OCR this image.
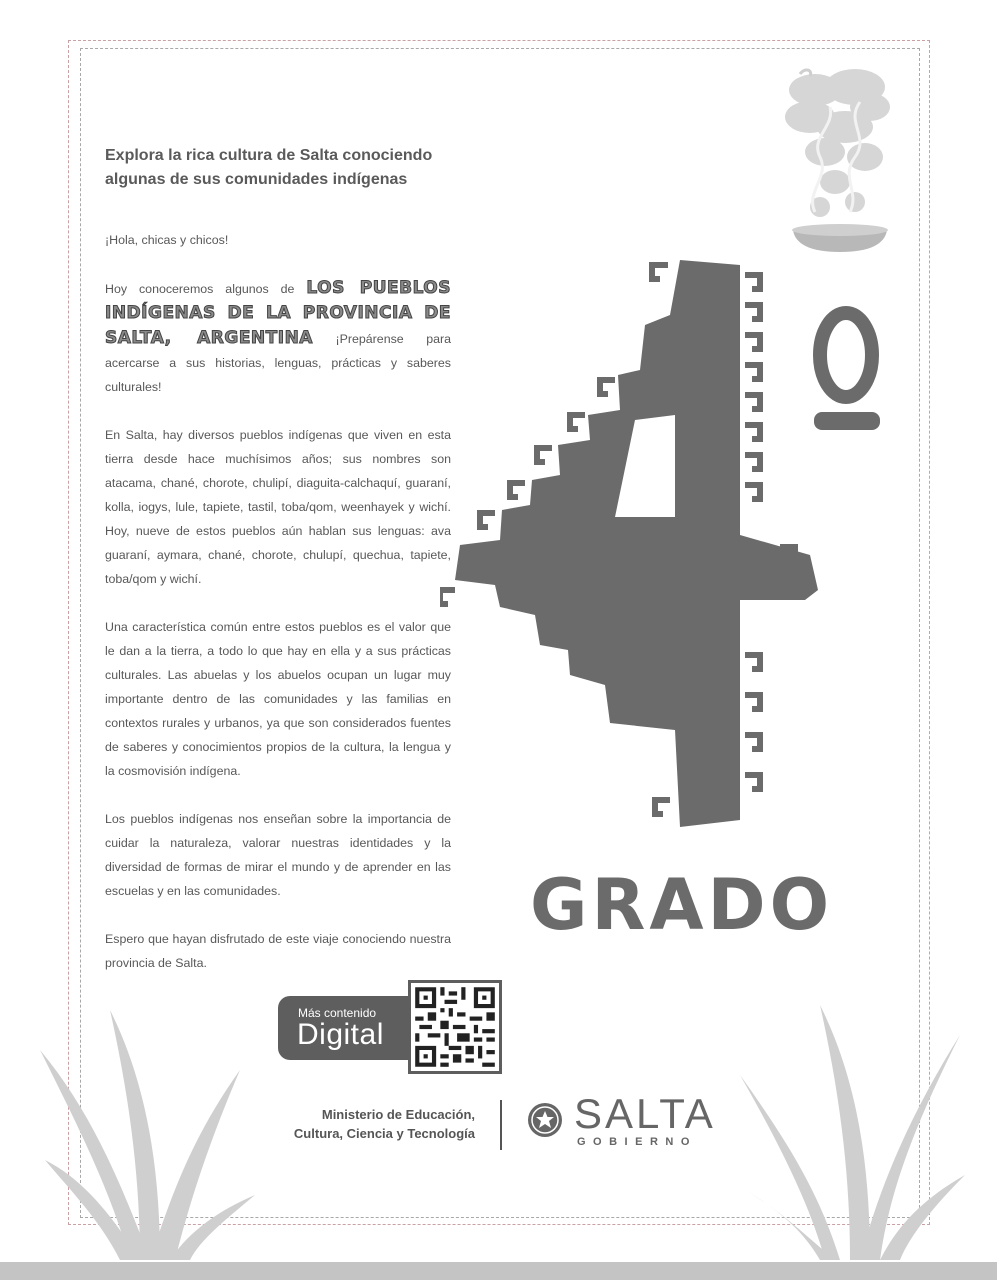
Explora la rica cultura de Salta conociendo algunas de sus comunidades indígenas

¡Hola, chicas y chicos!

Hoy conoceremos algunos de LOS PUEBLOS INDÍGENAS DE LA PROVINCIA DE SALTA, ARGENTINA ¡Prepárense para acercarse a sus historias, lenguas, prácticas y saberes culturales!

En Salta, hay diversos pueblos indígenas que viven en esta tierra desde hace muchísimos años; sus nombres son atacama, chané, chorote, chulipí, diaguita-calchaquí, guaraní, kolla, iogys, lule, tapiete, tastil, toba/qom, weenhayek y wichí. Hoy, nueve de estos pueblos aún hablan sus lenguas: ava guaraní, aymara, chané, chorote, chulupí, quechua, tapiete, toba/qom y wichí.

Una característica común entre estos pueblos es el valor que le dan a la tierra, a todo lo que hay en ella y a sus prácticas culturales. Las abuelas y los abuelos ocupan un lugar muy importante dentro de las comunidades y las familias en contextos rurales y urbanos, ya que son considerados fuentes de saberes y conocimientos propios de la cultura, la lengua y la cosmovisión indígena.

Los pueblos indígenas nos enseñan sobre la importancia de cuidar la naturaleza, valorar nuestras identidades y la diversidad de formas de mirar el mundo y de aprender en las escuelas y en las comunidades.

Espero que hayan disfrutado de este viaje conociendo nuestra provincia de Salta.

GRADO
Más contenido
Digital
Ministerio de Educación,
Cultura, Ciencia y Tecnología SALTA
GOBIERNO
